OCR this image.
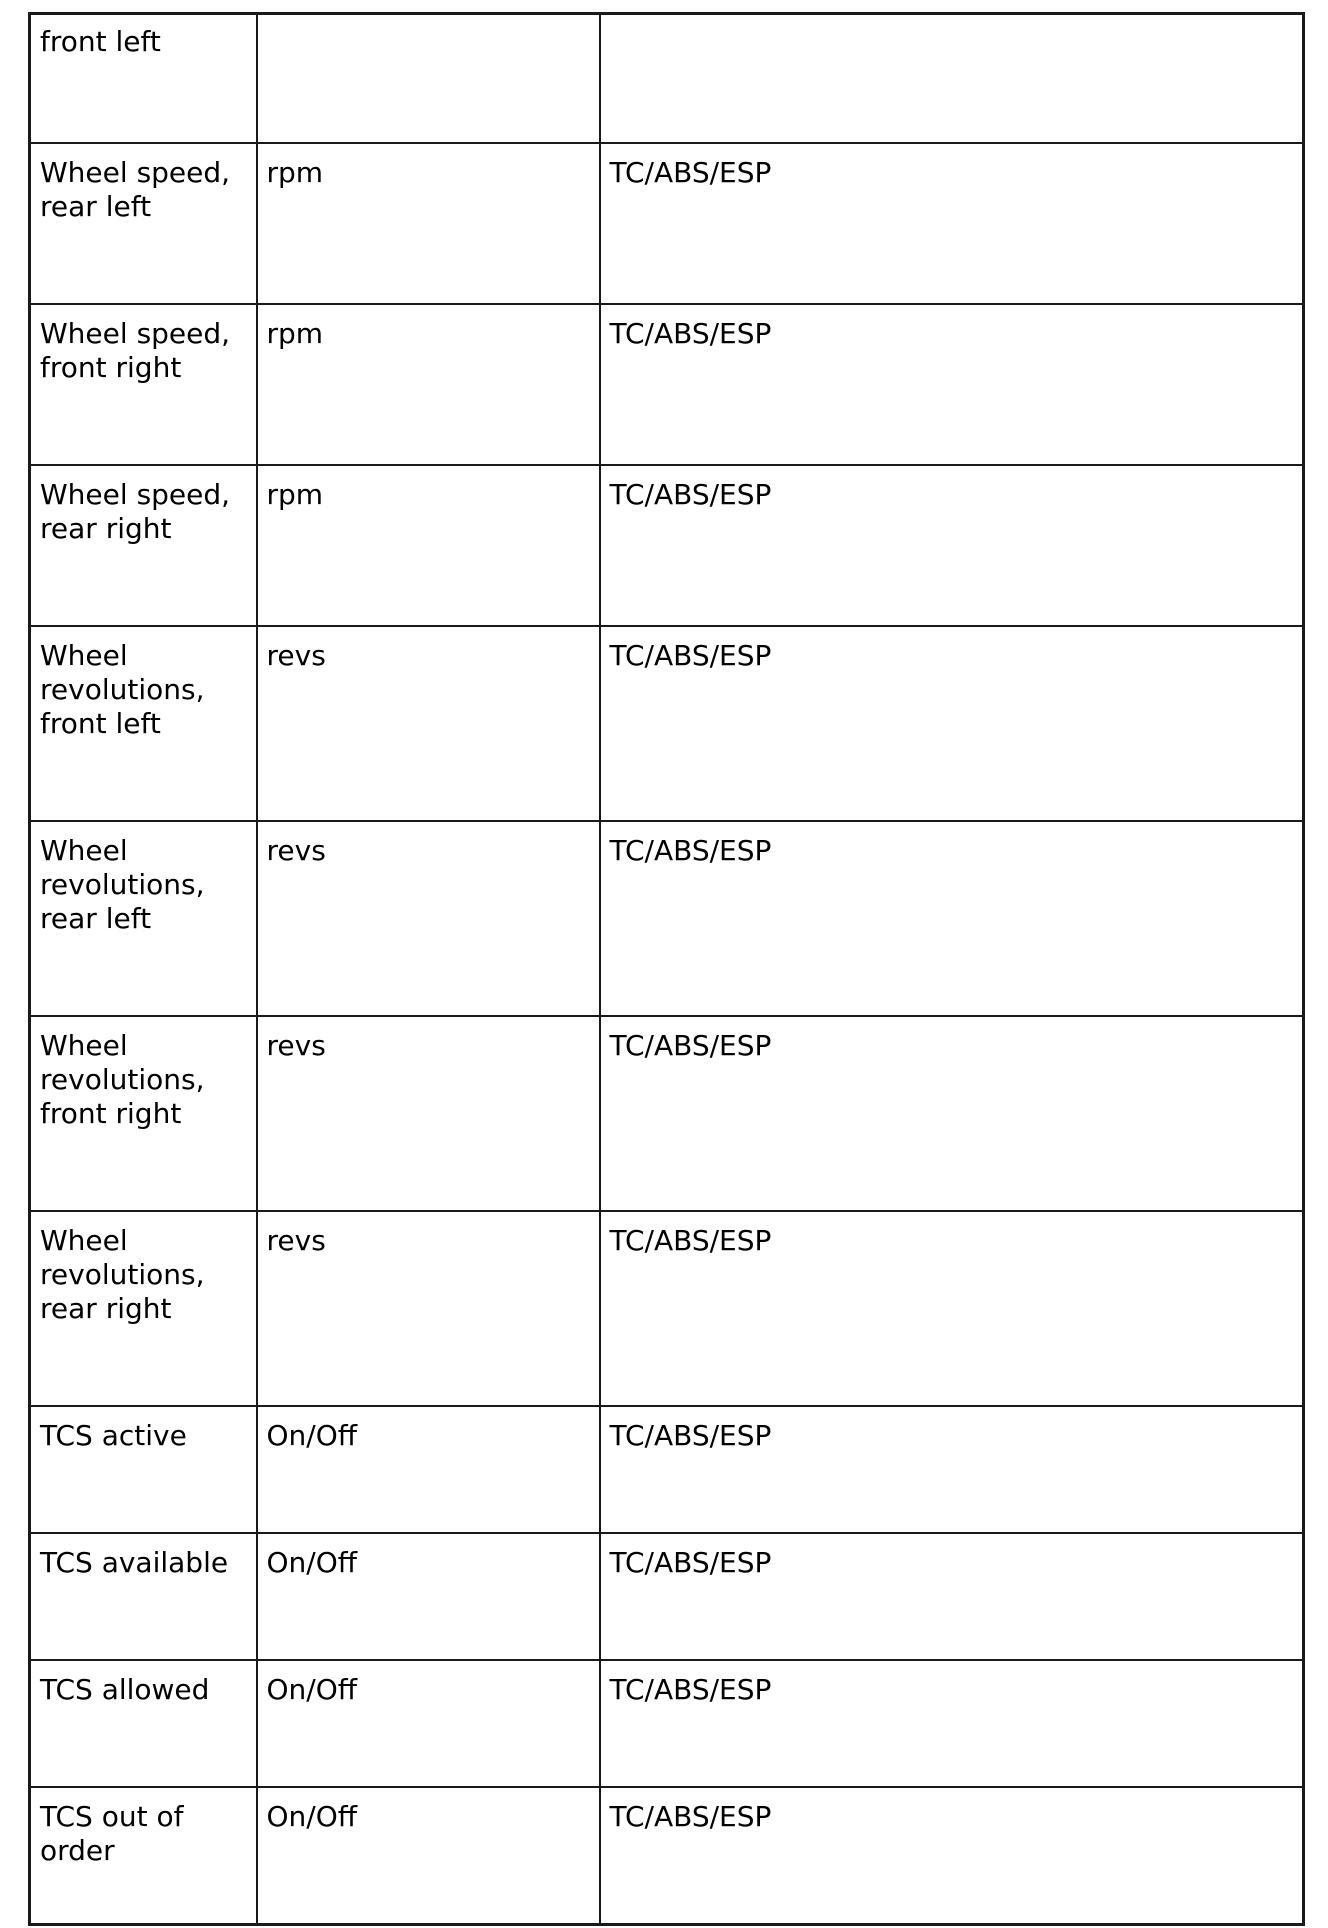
front left		
Wheel speed, rear left	rpm	TC/ABS/ESP
Wheel speed, front right	rpm	TC/ABS/ESP
Wheel speed, rear right	rpm	TC/ABS/ESP
Wheel revolutions, front left	revs	TC/ABS/ESP
Wheel revolutions, rear left	revs	TC/ABS/ESP
Wheel revolutions, front right	revs	TC/ABS/ESP
Wheel revolutions, rear right	revs	TC/ABS/ESP
TCS active	On/Off	TC/ABS/ESP
TCS available	On/Off	TC/ABS/ESP
TCS allowed	On/Off	TC/ABS/ESP
TCS out of order	On/Off	TC/ABS/ESP
